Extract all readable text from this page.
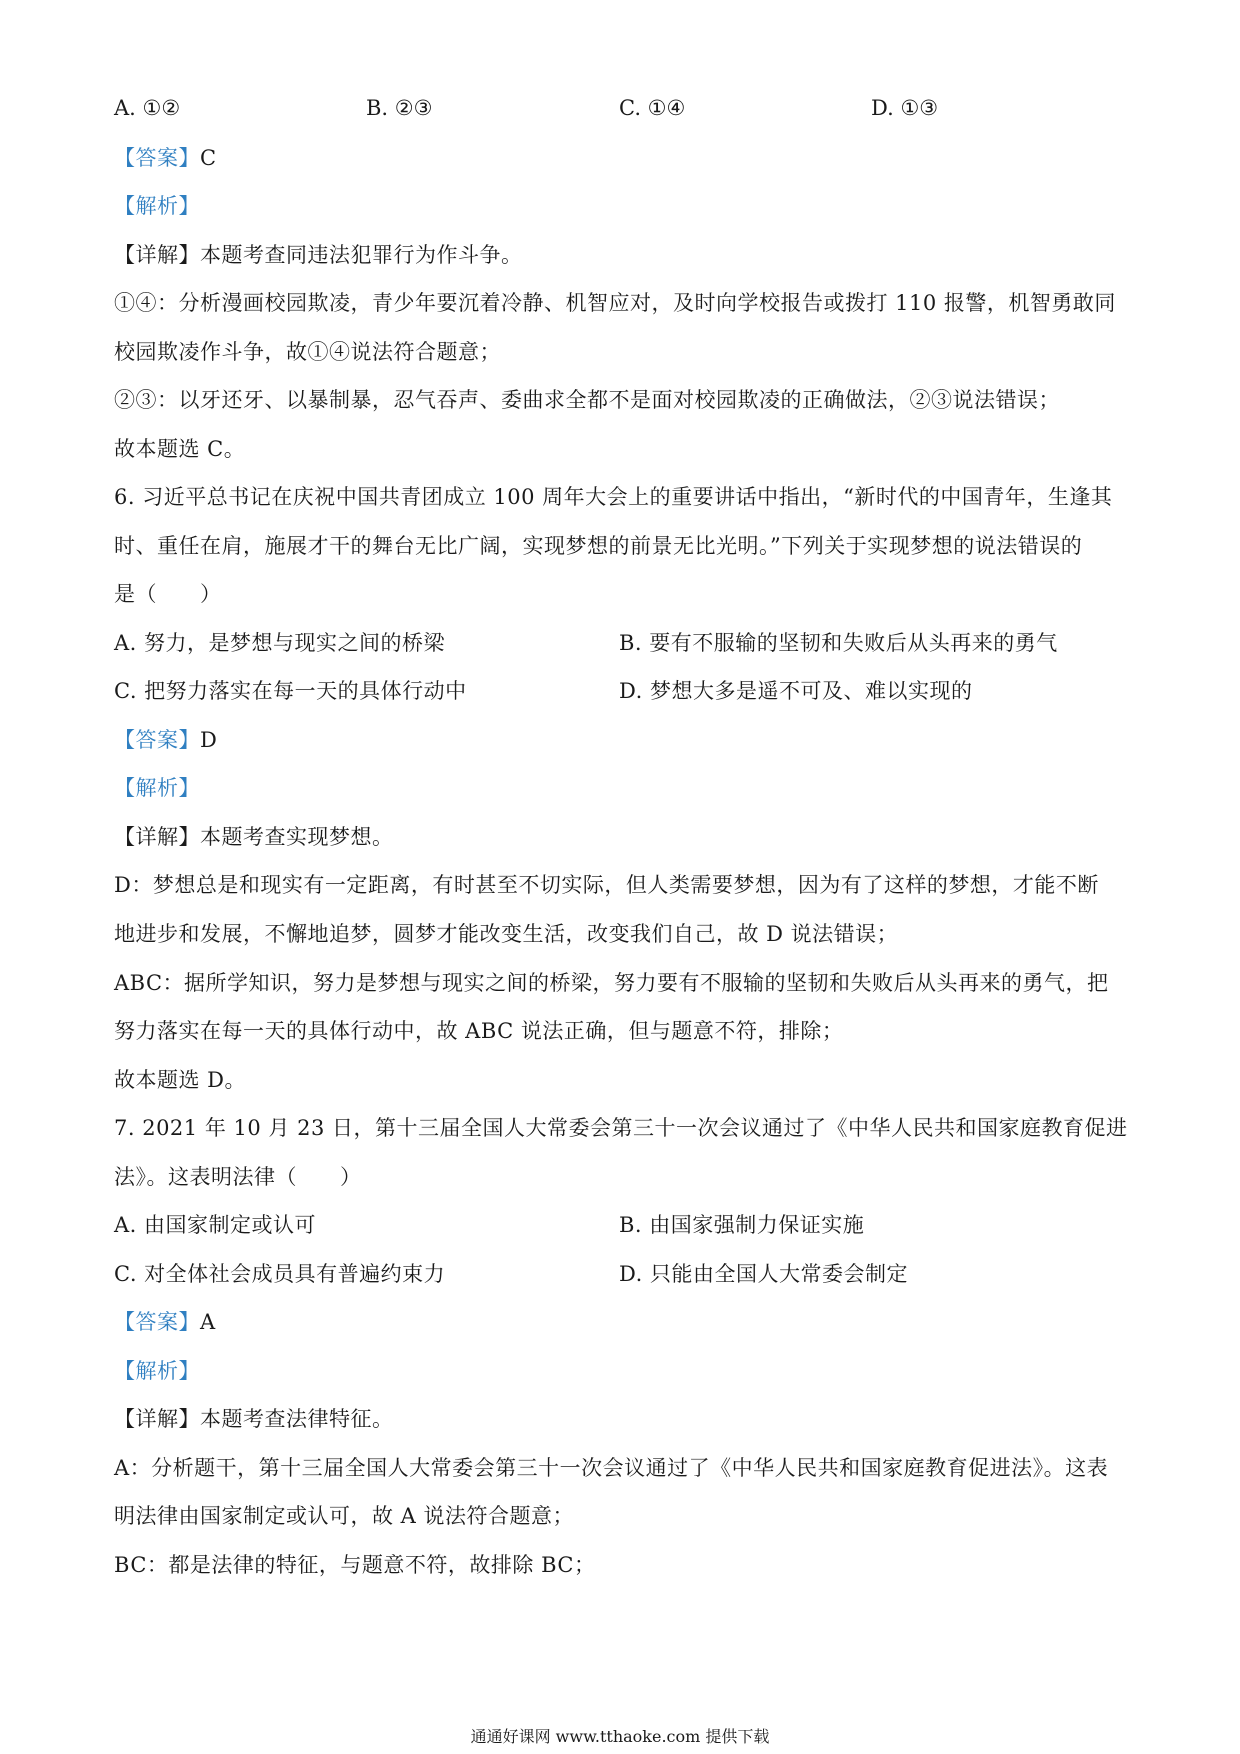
A. ①②	B. ②③	C. ①④	D. ①③
【答案】C
【解析】
【详解】本题考查同违法犯罪行为作斗争。
①④：分析漫画校园欺凌，青少年要沉着冷静、机智应对，及时向学校报告或拨打 110 报警，机智勇敢同
校园欺凌作斗争，故①④说法符合题意；
②③：以牙还牙、以暴制暴，忍气吞声、委曲求全都不是面对校园欺凌的正确做法，②③说法错误；
故本题选 C。
6. 习近平总书记在庆祝中国共青团成立 100 周年大会上的重要讲话中指出，“新时代的中国青年，生逢其
时、重任在肩，施展才干的舞台无比广阔，实现梦想的前景无比光明。”下列关于实现梦想的说法错误的
是（　　）
A. 努力，是梦想与现实之间的桥梁	B. 要有不服输的坚韧和失败后从头再来的勇气
C. 把努力落实在每一天的具体行动中	D. 梦想大多是遥不可及、难以实现的
【答案】D
【解析】
【详解】本题考查实现梦想。
D：梦想总是和现实有一定距离，有时甚至不切实际，但人类需要梦想，因为有了这样的梦想，才能不断
地进步和发展，不懈地追梦，圆梦才能改变生活，改变我们自己，故 D 说法错误；
ABC：据所学知识，努力是梦想与现实之间的桥梁，努力要有不服输的坚韧和失败后从头再来的勇气，把
努力落实在每一天的具体行动中，故 ABC 说法正确，但与题意不符，排除；
故本题选 D。
7. 2021 年 10 月 23 日，第十三届全国人大常委会第三十一次会议通过了《中华人民共和国家庭教育促进
法》。这表明法律（　　）
A. 由国家制定或认可	B. 由国家强制力保证实施
C. 对全体社会成员具有普遍约束力	D. 只能由全国人大常委会制定
【答案】A
【解析】
【详解】本题考查法律特征。
A：分析题干，第十三届全国人大常委会第三十一次会议通过了《中华人民共和国家庭教育促进法》。这表
明法律由国家制定或认可，故 A 说法符合题意；
BC：都是法律的特征，与题意不符，故排除 BC；
通通好课网 www.tthaoke.com 提供下载
